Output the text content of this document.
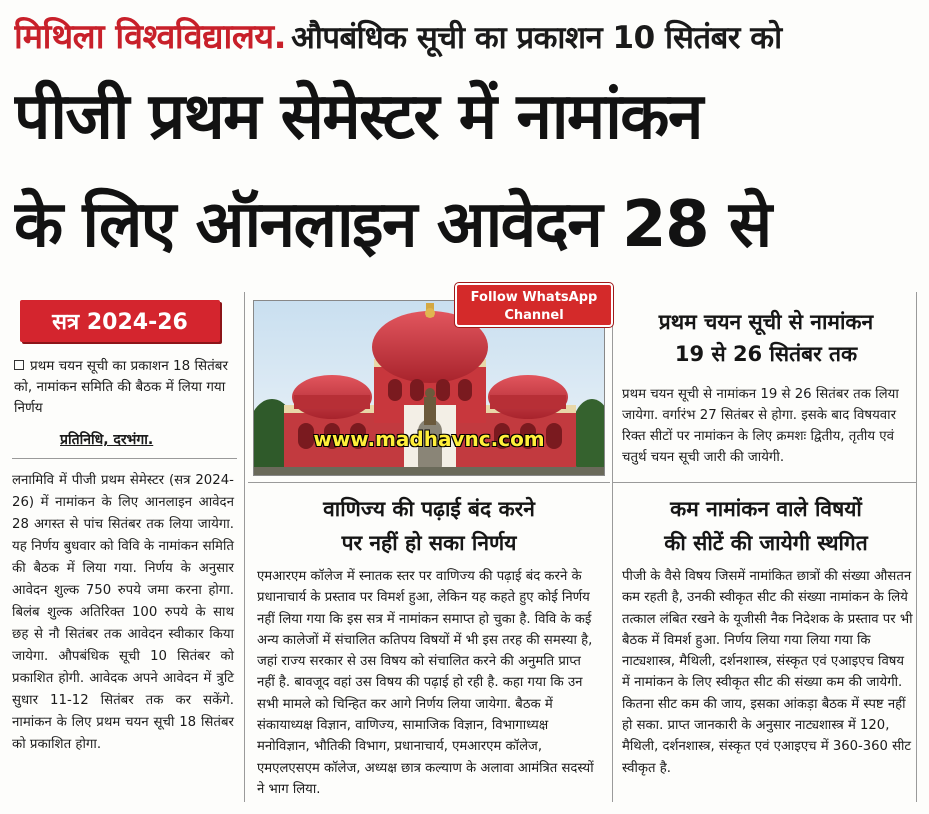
मिथिला विश्वविद्यालय. औपबंधिक सूची का प्रकाशन 10 सितंबर को
पीजी प्रथम सेमेस्टर में नामांकन
के लिए ऑनलाइन आवेदन 28 से
सत्र 2024-26
प्रथम चयन सूची का प्रकाशन 18 सितंबर को, नामांकन समिति की बैठक में लिया गया निर्णय
प्रतिनिधि, दरभंगा.
लनामिवि में पीजी प्रथम सेमेस्टर (सत्र 2024-26) में नामांकन के लिए आनलाइन आवेदन 28 अगस्त से पांच सितंबर तक लिया जायेगा. यह निर्णय बुधवार को विवि के नामांकन समिति की बैठक में लिया गया. निर्णय के अनुसार आवेदन शुल्क 750 रुपये जमा करना होगा. बिलंब शुल्क अतिरिक्त 100 रुपये के साथ छह से नौ सितंबर तक आवेदन स्वीकार किया जायेगा. औपबंधिक सूची 10 सितंबर को प्रकाशित होगी. आवेदक अपने आवेदन में त्रुटि सुधार 11-12 सितंबर तक कर सकेंगे. नामांकन के लिए प्रथम चयन सूची 18 सितंबर को प्रकाशित होगा.
www.madhavnc.com
Follow WhatsApp
Channel	प्रथम चयन सूची से नामांकन
19 से 26 सितंबर तक
प्रथम चयन सूची से नामांकन 19 से 26 सितंबर तक लिया जायेगा. वर्गारंभ 27 सितंबर से होगा. इसके बाद विषयवार रिक्त सीटों पर नामांकन के लिए क्रमशः द्वितीय, तृतीय एवं चतुर्थ चयन सूची जारी की जायेगी.
वाणिज्य की पढ़ाई बंद करने
पर नहीं हो सका निर्णय
एमआरएम कॉलेज में स्नातक स्तर पर वाणिज्य की पढ़ाई बंद करने के प्रधानाचार्य के प्रस्ताव पर विमर्श हुआ, लेकिन यह कहते हुए कोई निर्णय नहीं लिया गया कि इस सत्र में नामांकन समाप्त हो चुका है. विवि के कई अन्य कालेजों में संचालित कतिपय विषयों में भी इस तरह की समस्या है, जहां राज्य सरकार से उस विषय को संचालित करने की अनुमति प्राप्त नहीं है. बावजूद वहां उस विषय की पढ़ाई हो रही है. कहा गया कि उन सभी मामले को चिन्हित कर आगे निर्णय लिया जायेगा. बैठक में संकायाध्यक्ष विज्ञान, वाणिज्य, सामाजिक विज्ञान, विभागाध्यक्ष मनोविज्ञान, भौतिकी विभाग, प्रधानाचार्य, एमआरएम कॉलेज, एमएलएसएम कॉलेज, अध्यक्ष छात्र कल्याण के अलावा आमंत्रित सदस्यों ने भाग लिया.
कम नामांकन वाले विषयों
की सीटें की जायेगी स्थगित
पीजी के वैसे विषय जिसमें नामांकित छात्रों की संख्या औसतन कम रहती है, उनकी स्वीकृत सीट की संख्या नामांकन के लिये तत्काल लंबित रखने के यूजीसी नैक निदेशक के प्रस्ताव पर भी बैठक में विमर्श हुआ. निर्णय लिया गया लिया गया कि नाट्यशास्त्र, मैथिली, दर्शनशास्त्र, संस्कृत एवं एआइएच विषय में नामांकन के लिए स्वीकृत सीट की संख्या कम की जायेगी. कितना सीट कम की जाय, इसका आंकड़ा बैठक में स्पष्ट नहीं हो सका. प्राप्त जानकारी के अनुसार नाट्यशास्त्र में 120, मैथिली, दर्शनशास्त्र, संस्कृत एवं एआइएच में 360-360 सीट स्वीकृत है.
